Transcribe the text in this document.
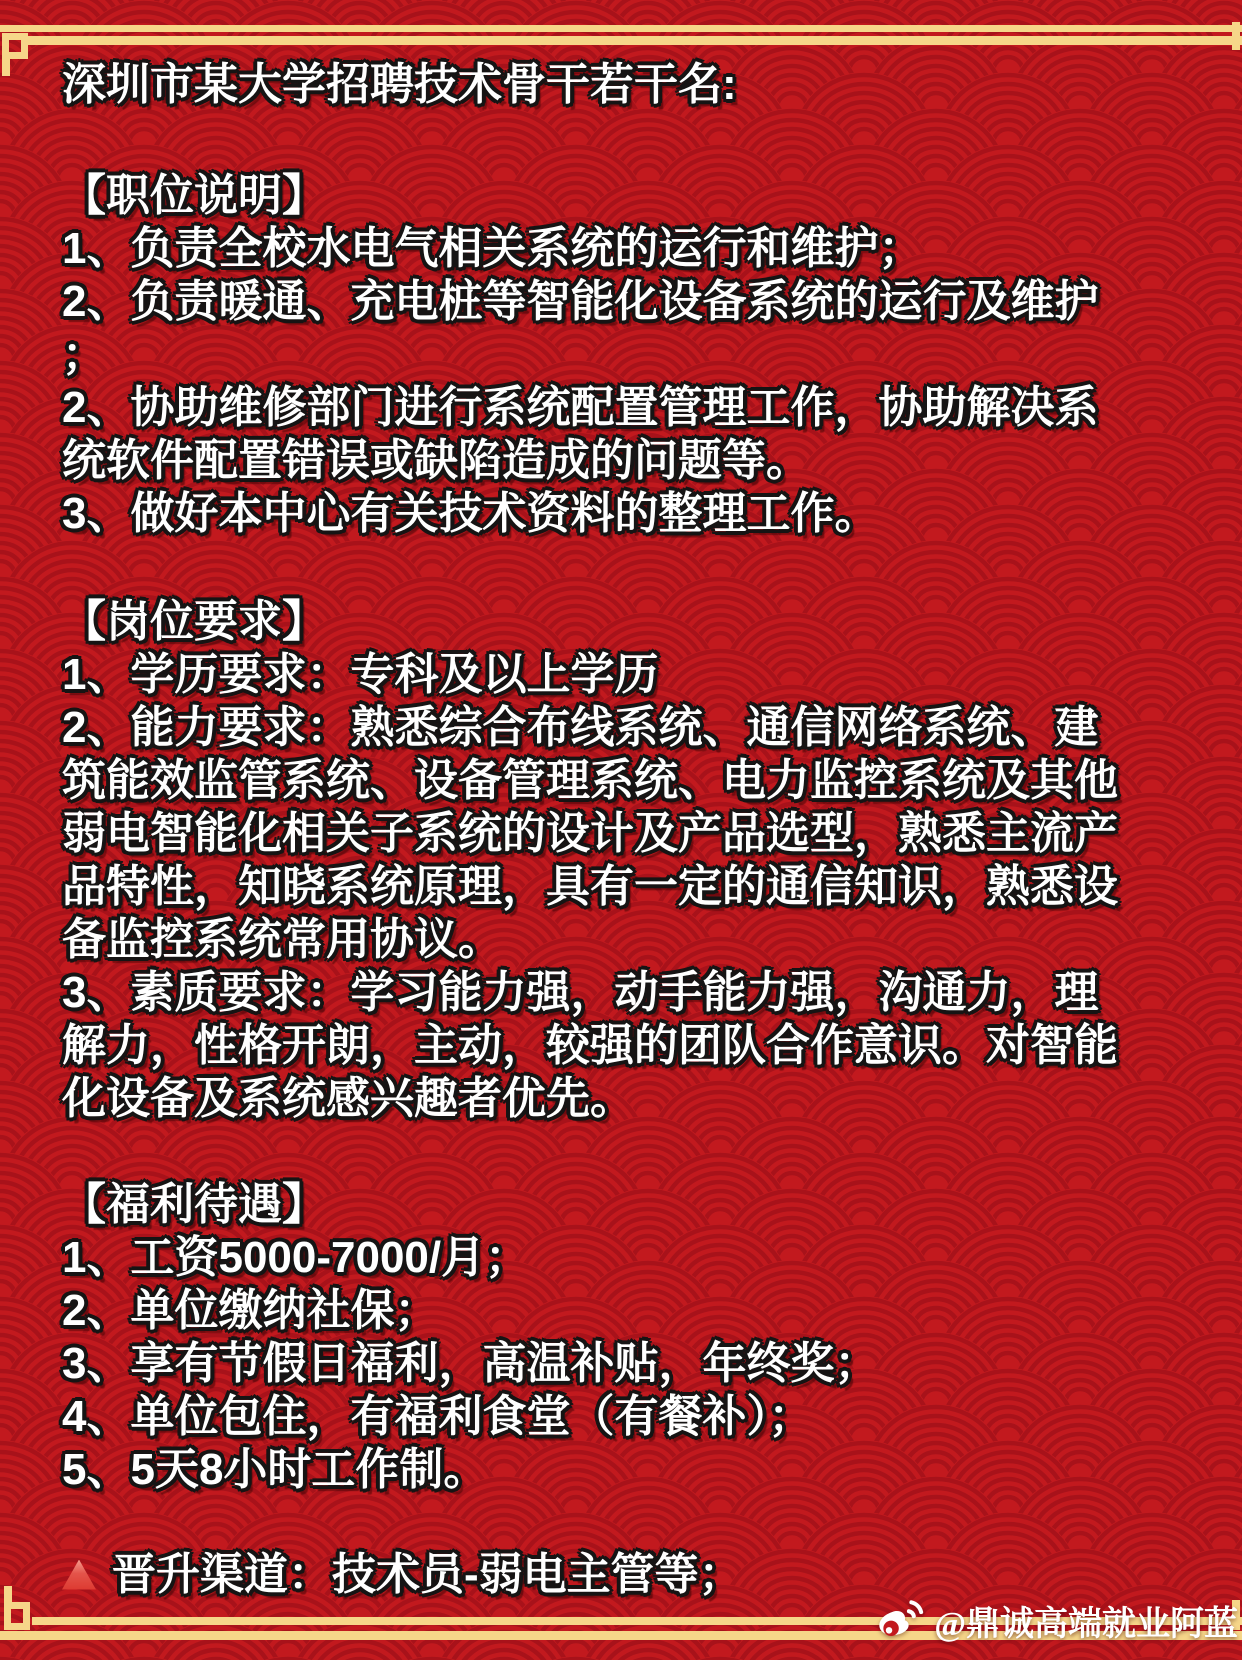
深圳市某大学招聘技术骨干若干名:
【职位说明】
1、负责全校水电气相关系统的运行和维护；
2、负责暖通、充电桩等智能化设备系统的运行及维护
；
2、协助维修部门进行系统配置管理工作，协助解决系
统软件配置错误或缺陷造成的问题等。
3、做好本中心有关技术资料的整理工作。
【岗位要求】
1、学历要求：专科及以上学历
2、能力要求：熟悉综合布线系统、通信网络系统、建
筑能效监管系统、设备管理系统、电力监控系统及其他
弱电智能化相关子系统的设计及产品选型，熟悉主流产
品特性，知晓系统原理，具有一定的通信知识，熟悉设
备监控系统常用协议。
3、素质要求：学习能力强，动手能力强，沟通力，理
解力，性格开朗，主动，较强的团队合作意识。对智能
化设备及系统感兴趣者优先。
【福利待遇】
1、工资5000-7000/月；
2、单位缴纳社保；
3、享有节假日福利，高温补贴，年终奖；
4、单位包住，有福利食堂（有餐补）；
5、5天8小时工作制。
晋升渠道：技术员-弱电主管等；
@鼎诚高端就业阿蓝
